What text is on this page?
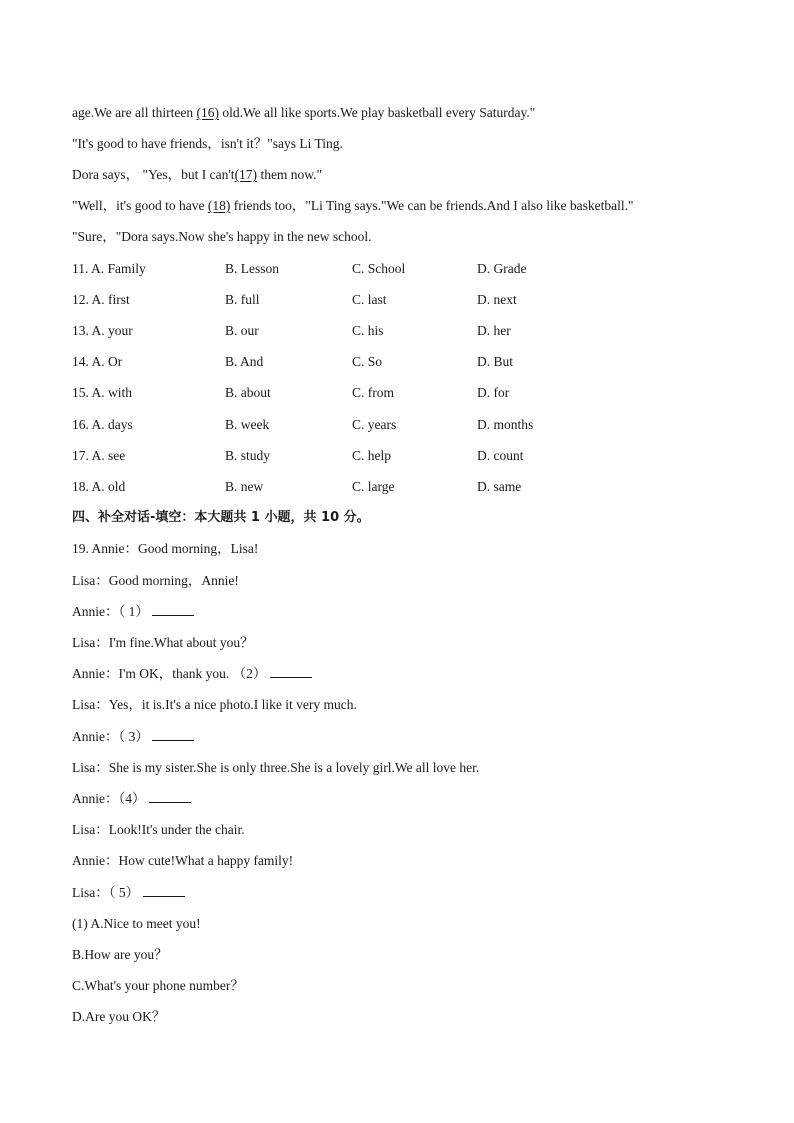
age.We are all thirteen (16) old.We all like sports.We play basketball every Saturday."
"It's good to have friends，isn't it？"says Li Ting.
Dora says， "Yes，but I can't(17) them now."
"Well，it's good to have (18) friends too，"Li Ting says."We can be friends.And I also like basketball."
"Sure，"Dora says.Now she's happy in the new school.
11. A. Family	B. Lesson	C. School	D. Grade
12. A. first	B. full	C. last	D. next
13. A. your	B. our	C. his	D. her
14. A. Or	B. And	C. So	D. But
15. A. with	B. about	C. from	D. for
16. A. days	B. week	C. years	D. months
17. A. see	B. study	C. help	D. count
18. A. old	B. new	C. large	D. same
四、补全对话-填空：本大题共 1 小题，共 10 分。
19. Annie：Good morning，Lisa!
Lisa：Good morning，Annie!
Annie：（ 1）
Lisa：I'm fine.What about you？
Annie：I'm OK，thank you. （2）
Lisa：Yes，it is.It's a nice photo.I like it very much.
Annie：（ 3）
Lisa：She is my sister.She is only three.She is a lovely girl.We all love her.
Annie：（4）
Lisa：Look!It's under the chair.
Annie：How cute!What a happy family!
Lisa：（ 5）
(1) A.Nice to meet you!
B.How are you？
C.What's your phone number？
D.Are you OK？
